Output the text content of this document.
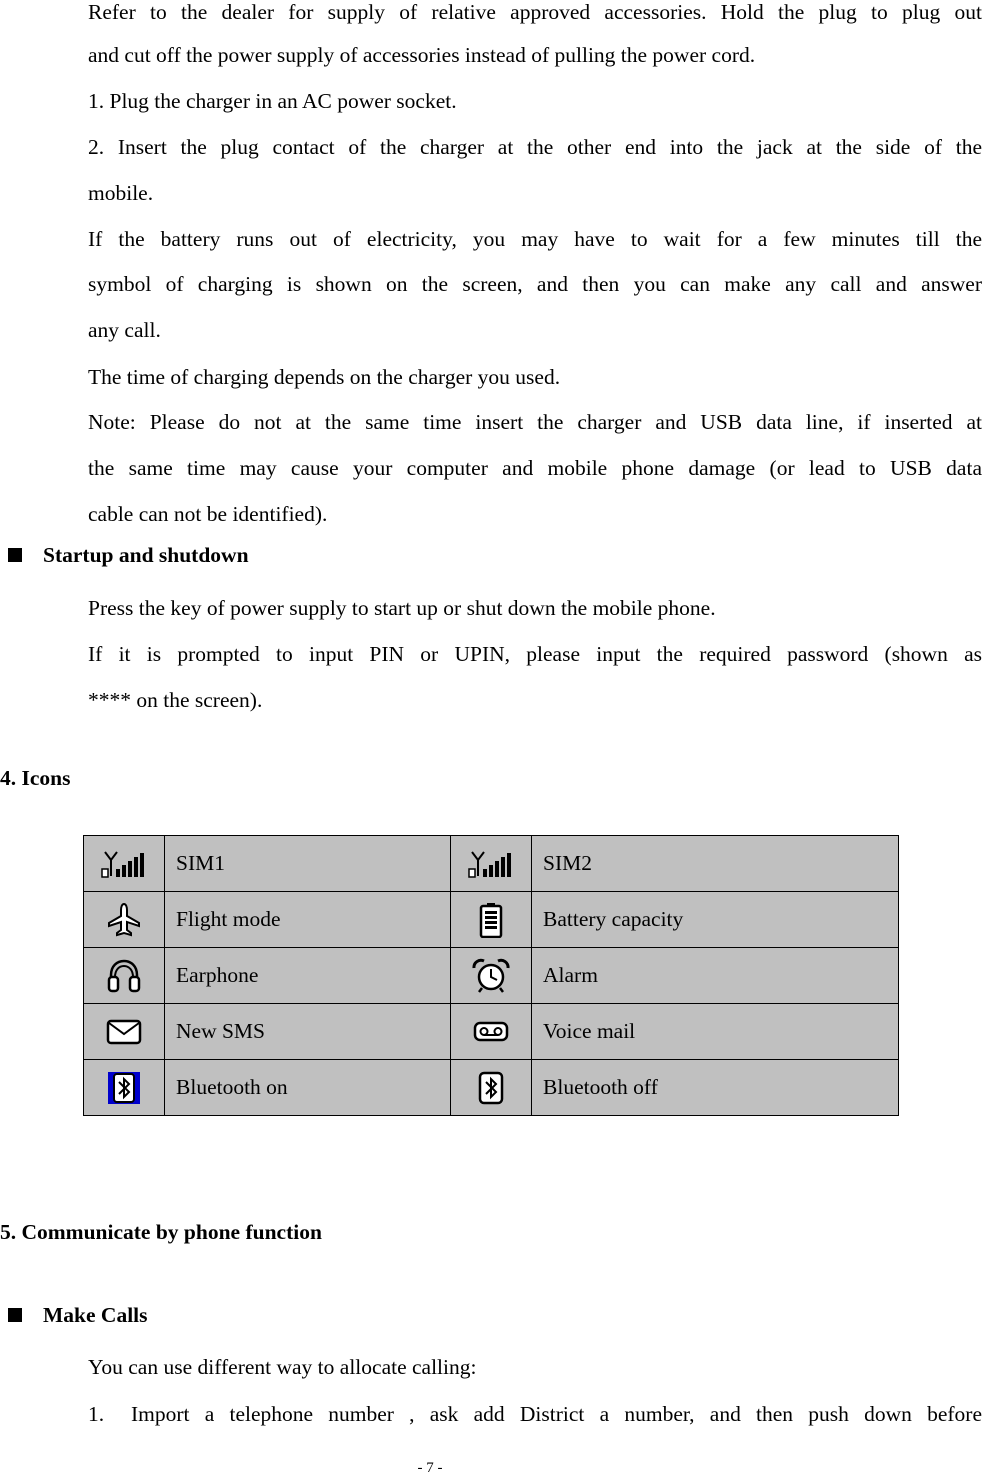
Refer to the dealer for supply of relative approved accessories. Hold the plug to plug out

and cut off the power supply of accessories instead of pulling the power cord.

1. Plug the charger in an AC power socket.

2. Insert the plug contact of the charger at the other end into the jack at the side of the

mobile.

If the battery runs out of electricity, you may have to wait for a few minutes till the

symbol of charging is shown on the screen, and then you can make any call and answer

any call.

The time of charging depends on the charger you used.

Note: Please do not at the same time insert the charger and USB data line, if inserted at

the same time may cause your computer and mobile phone damage (or lead to USB data

cable can not be identified).

Startup and shutdown

Press the key of power supply to start up or shut down the mobile phone.

If it is prompted to input PIN or UPIN, please input the required password (shown as

**** on the screen).

4. Icons

	SIM1		SIM2

	Flight mode		Battery capacity

	Earphone		Alarm

	New SMS		Voice mail

	Bluetooth on		Bluetooth off

5. Communicate by phone function

Make Calls

You can use different way to allocate calling:

1.	Import a telephone number , ask add District a number, and then push down before

- 7 -
